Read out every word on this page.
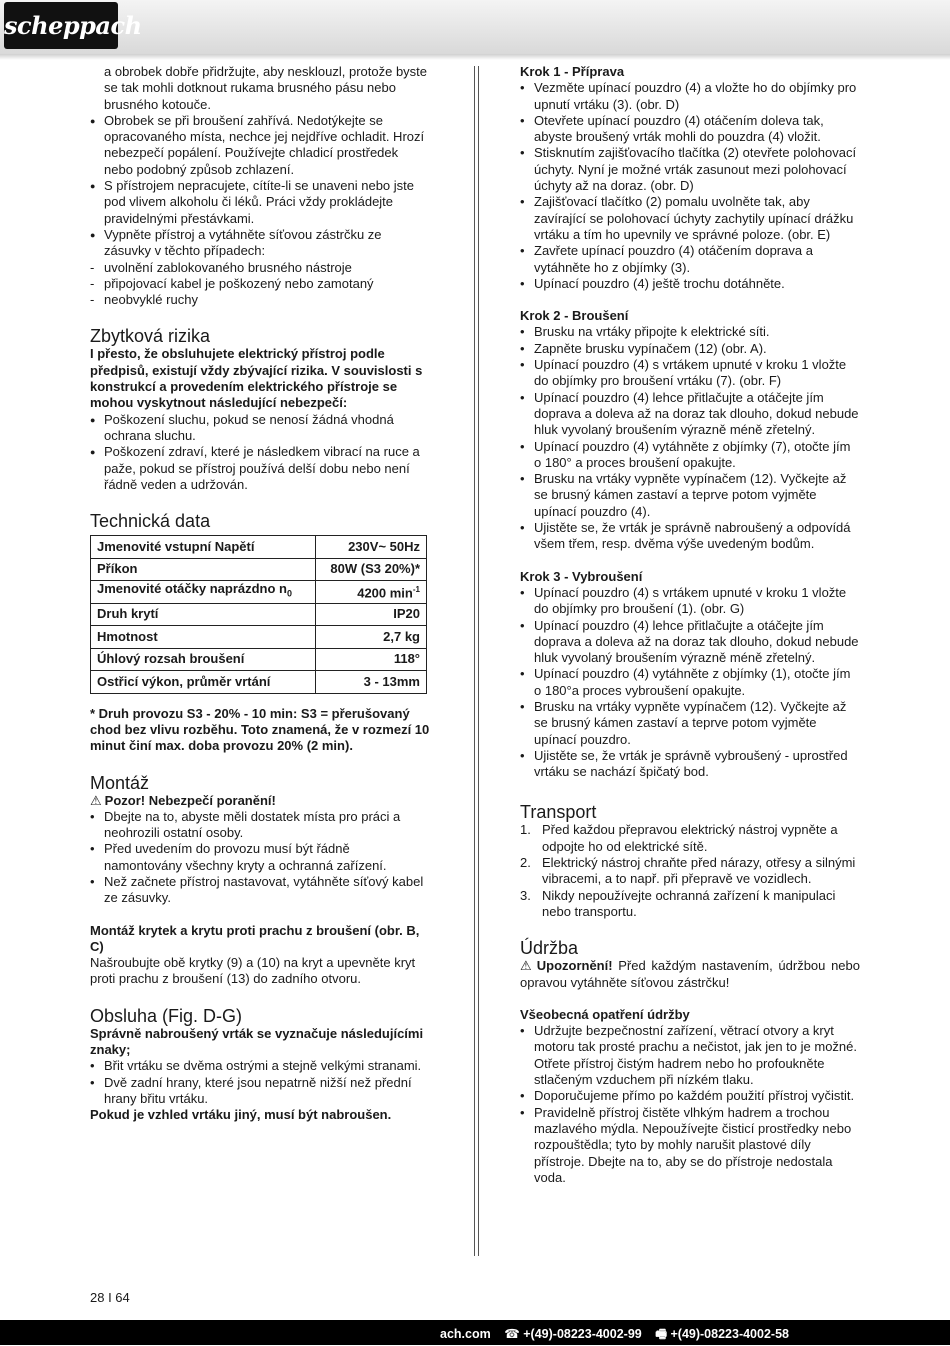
scheppach
a obrobek dobře přidržujte, aby nesklouzl, protože byste se tak mohli dotknout rukama brusného pásu nebo brusného kotouče.
● Obrobek se při broušení zahřívá. Nedotýkejte se opracovaného místa, nechce jej nejdříve ochladit. Hrozí nebezpečí popálení. Používejte chladicí prostředek nebo podobný způsob zchlazení.
● S přístrojem nepracujete, cítíte-li se unaveni nebo jste pod vlivem alkoholu či léků. Práci vždy prokládejte pravidelnými přestávkami.
● Vypněte přístroj a vytáhněte síťovou zástrčku ze zásuvky v těchto případech:
- uvolnění zablokovaného brusného nástroje
- připojovací kabel je poškozený nebo zamotaný
- neobvyklé ruchy
Zbytková rizika

I přesto, že obsluhujete elektrický přístroj podle předpisů, existují vždy zbývající rizika. V souvislosti s konstrukcí a provedením elektrického přístroje se mohou vyskytnout následující nebezpečí:

● Poškození sluchu, pokud se nenosí žádná vhodná ochrana sluchu.
● Poškození zdraví, které je následkem vibrací na ruce a paže, pokud se přístroj používá delší dobu nebo není řádně veden a udržován.
Technická data
Jmenovité vstupní Napětí	230V~ 50Hz
Příkon	80W (S3 20%)*
Jmenovité otáčky naprázdno $n_0$	4200 $\min^{-1}$
Druh krytí	IP20
Hmotnost	2,7 kg
Úhlový rozsah broušení	118°
Ostřicí výkon, průměr vrtání	3 - 13mm

* Druh provozu S3 - 20% - 10 min: S3 = přerušovaný chod bez vlivu rozběhu. Toto znamená, že v rozmezí 10 minut činí max. doba provozu 20% (2 min).

Montáž

⚠ Pozor! Nebezpečí poranění!

• Dbejte na to, abyste měli dostatek místa pro práci a neohrozili ostatní osoby.
• Před uvedením do provozu musí být řádně namontovány všechny kryty a ochranná zařízení.
• Než začnete přístroj nastavovat, vytáhněte síťový kabel ze zásuvky.

Montáž krytek a krytu proti prachu z broušení (obr. B, C)

Našroubujte obě krytky (9) a (10) na kryt a upevněte kryt proti prachu z broušení (13) do zadního otvoru.

Obsluha (Fig. D-G)

Správně nabroušený vrták se vyznačuje následujícími znaky;

• Břit vrtáku se dvěma ostrými a stejně velkými stranami.
• Dvě zadní hrany, které jsou nepatrně nižší než přední hrany břitu vrtáku.

Pokud je vzhled vrtáku jiný, musí být nabroušen.

Krok 1 - Příprava

• Vezměte upínací pouzdro (4) a vložte ho do objímky pro upnutí vrtáku (3). (obr. D)
• Otevřete upínací pouzdro (4) otáčením doleva tak, abyste broušený vrták mohli do pouzdra (4) vložit.
• Stisknutím zajišťovacího tlačítka (2) otevřete polohovací úchyty. Nyní je možné vrták zasunout mezi polohovací úchyty až na doraz. (obr. D)
• Zajišťovací tlačítko (2) pomalu uvolněte tak, aby zavírající se polohovací úchyty zachytily upínací drážku vrtáku a tím ho upevnily ve správné poloze. (obr. E)
• Zavřete upínací pouzdro (4) otáčením doprava a vytáhněte ho z objímky (3).
• Upínací pouzdro (4) ještě trochu dotáhněte.

Krok 2 - Broušení

• Brusku na vrtáky připojte k elektrické síti.
• Zapněte brusku vypínačem (12) (obr. A).
• Upínací pouzdro (4) s vrtákem upnuté v kroku 1 vložte do objímky pro broušení vrtáku (7). (obr. F)
• Upínací pouzdro (4) lehce přitlačujte a otáčejte jím doprava a doleva až na doraz tak dlouho, dokud nebude hluk vyvolaný broušením výrazně méně zřetelný.
• Upínací pouzdro (4) vytáhněte z objímky (7), otočte jím o 180° a proces broušení opakujte.
• Brusku na vrtáky vypněte vypínačem (12). Vyčkejte až se brusný kámen zastaví a teprve potom vyjměte upínací pouzdro (4).
• Ujistěte se, že vrták je správně nabroušený a odpovídá všem třem, resp. dvěma výše uvedeným bodům.

Krok 3 - Vybroušení

• Upínací pouzdro (4) s vrtákem upnuté v kroku 1 vložte do objímky pro broušení (1). (obr. G)
• Upínací pouzdro (4) lehce přitlačujte a otáčejte jím doprava a doleva až na doraz tak dlouho, dokud nebude hluk vyvolaný broušením výrazně méně zřetelný.
• Upínací pouzdro (4) vytáhněte z objímky (1), otočte jím o 180°a proces vybroušení opakujte.
• Brusku na vrtáky vypněte vypínačem (12). Vyčkejte až se brusný kámen zastaví a teprve potom vyjměte upínací pouzdro.
• Ujistěte se, že vrták je správně vybroušený - uprostřed vrtáku se nachází špičatý bod.
Transport
1. Před každou přepravou elektrický nástroj vypněte a odpojte ho od elektrické sítě.
2. Elektrický nástroj chraňte před nárazy, otřesy a silnými vibracemi, a to např. při přepravě ve vozidlech.
3. Nikdy nepoužívejte ochranná zařízení k manipulaci nebo transportu.
Údržba

⚠ Upozornění! Před každým nastavením, údržbou nebo opravou vytáhněte síťovou zástrčku!

Všeobecná opatření údržby

• Udržujte bezpečnostní zařízení, větrací otvory a kryt motoru tak prosté prachu a nečistot, jak jen to je možné. Otřete přístroj čistým hadrem nebo ho profoukněte stlačeným vzduchem při nízkém tlaku.
• Doporučujeme přímo po každém použití přístroj vyčistit.
• Pravidelně přístroj čistěte vlhkým hadrem a trochou mazlavého mýdla. Nepoužívejte čisticí prostředky nebo rozpouštědla; tyto by mohly narušit plastové díly přístroje. Dbejte na to, aby se do přístroje nedostala voda.
28 I 64
ach.com ☎ +(49)-08223-4002-99 🖷 +(49)-08223-4002-58
